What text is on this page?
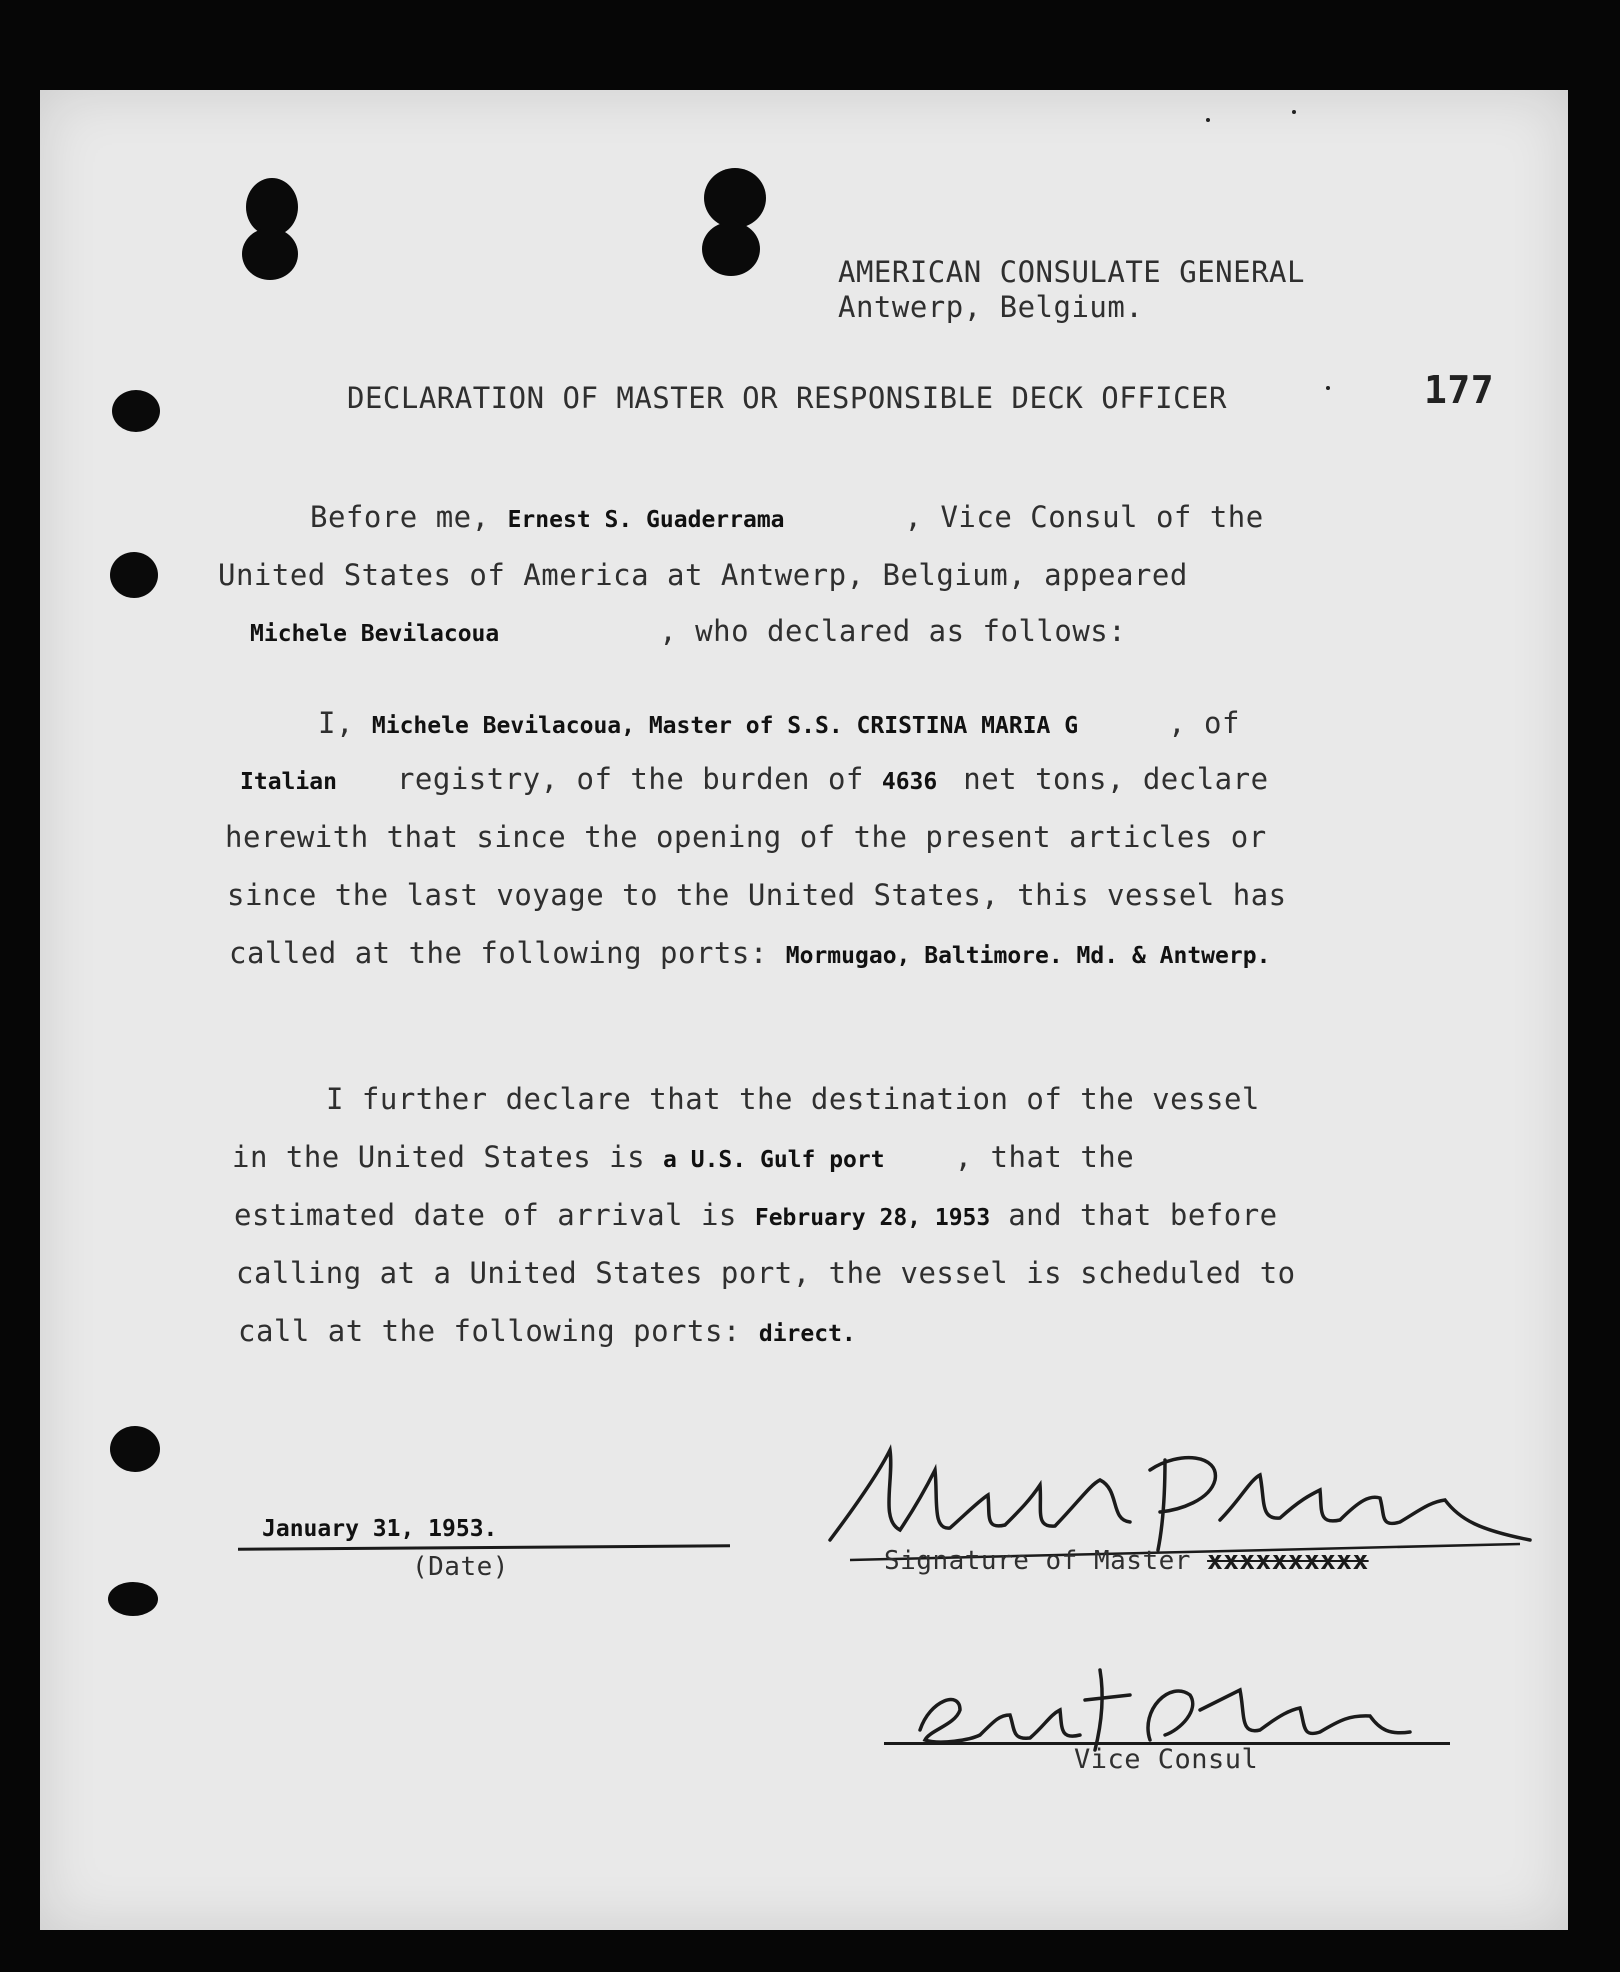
AMERICAN CONSULATE GENERAL
Antwerp, Belgium.
177
DECLARATION OF MASTER OR RESPONSIBLE DECK OFFICER
Before me, Ernest S. Guaderrama	, Vice Consul of the
United States of America at Antwerp, Belgium, appeared
Michele Bevilacoua	, who declared as follows:
I, Michele Bevilacoua, Master of S.S. CRISTINA MARIA G	, of
Italian registry, of the burden of 4636 net tons, declare
herewith that since the opening of the present articles or
since the last voyage to the United States, this vessel has
called at the following ports: Mormugao, Baltimore. Md. & Antwerp.
I further declare that the destination of the vessel
in the United States is a U.S. Gulf port , that the
estimated date of arrival is February 28, 1953 and that before
calling at a United States port, the vessel is scheduled to
call at the following ports: direct.
January 31, 1953.
(Date)	Signature of Master xxxxxxxxxx
Vice Consul
